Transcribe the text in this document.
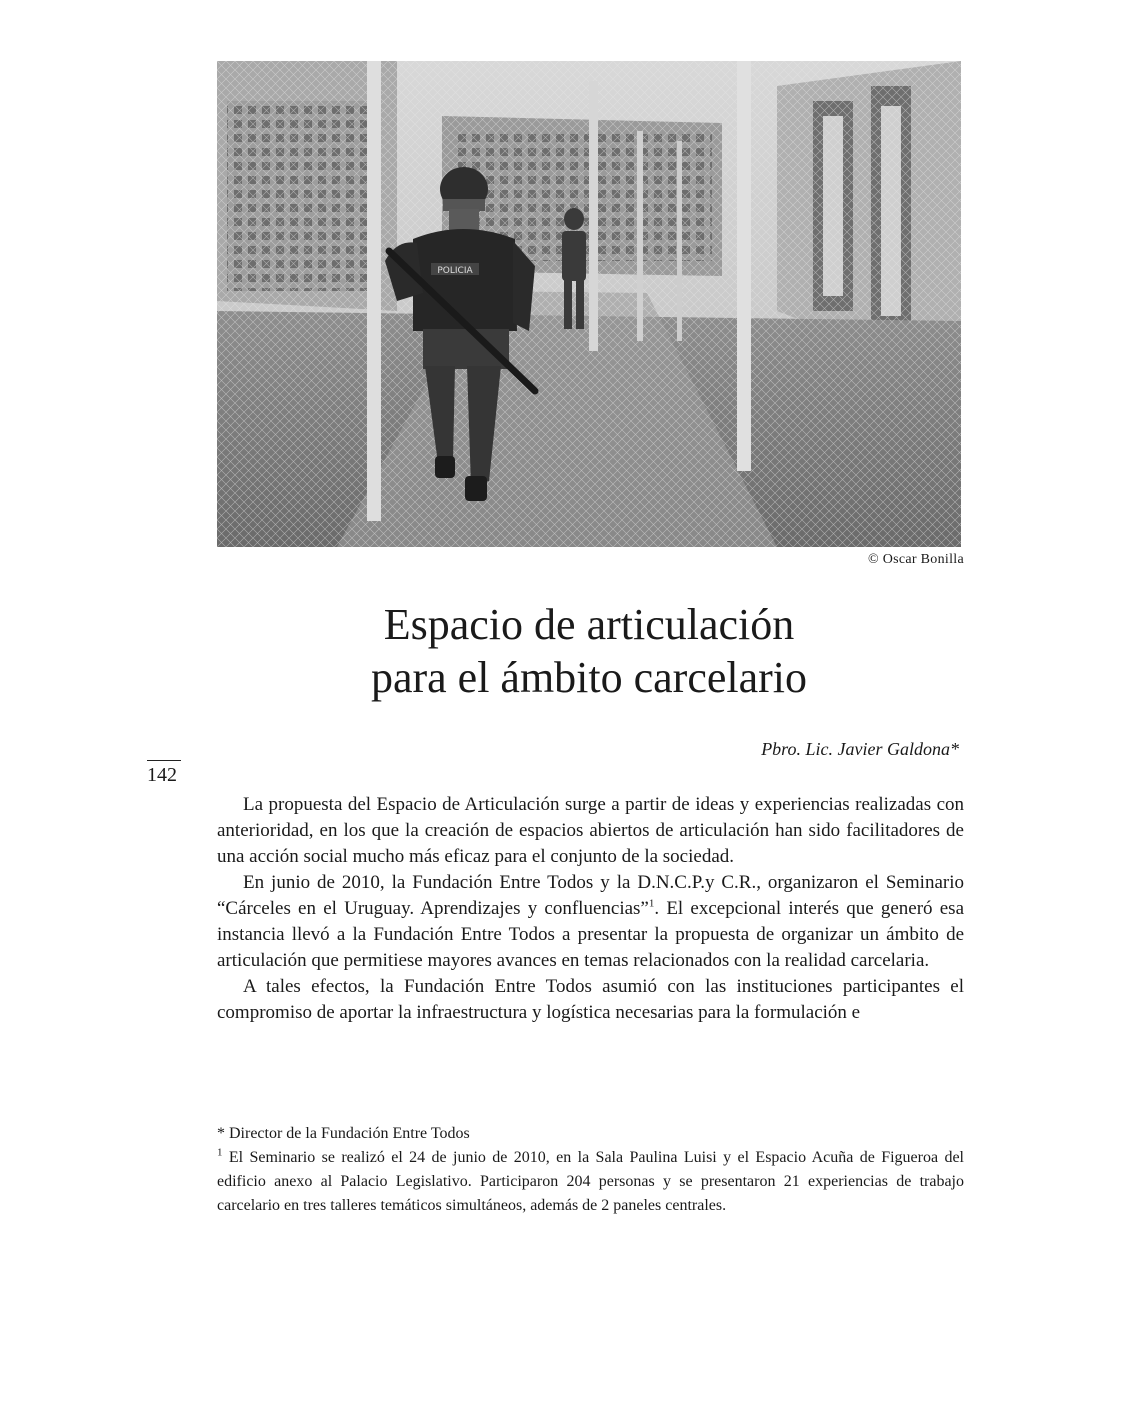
POLICIA
© Oscar Bonilla
Espacio de articulación
para el ámbito carcelario
Pbro. Lic. Javier Galdona*
142

La propuesta del Espacio de Articulación surge a partir de ideas y experiencias realizadas con anterioridad, en los que la creación de espacios abiertos de articulación han sido facilitadores de una acción social mucho más eficaz para el conjunto de la sociedad.

En junio de 2010, la Fundación Entre Todos y la D.N.C.P.y C.R., organizaron el Seminario “Cárceles en el Uruguay. Aprendizajes y confluencias”$^1$. El excepcional interés que generó esa instancia llevó a la Fundación Entre Todos a presentar la propuesta de organizar un ámbito de articulación que permitiese mayores avances en temas relacionados con la realidad carcelaria.

A tales efectos, la Fundación Entre Todos asumió con las instituciones participantes el compromiso de aportar la infraestructura y logística necesarias para la formulación e

* Director de la Fundación Entre Todos

$^1$ El Seminario se realizó el 24 de junio de 2010, en la Sala Paulina Luisi y el Espacio Acuña de Figueroa del edificio anexo al Palacio Legislativo. Participaron 204 personas y se presentaron 21 experiencias de trabajo carcelario en tres talleres temáticos simultáneos, además de 2 paneles centrales.
